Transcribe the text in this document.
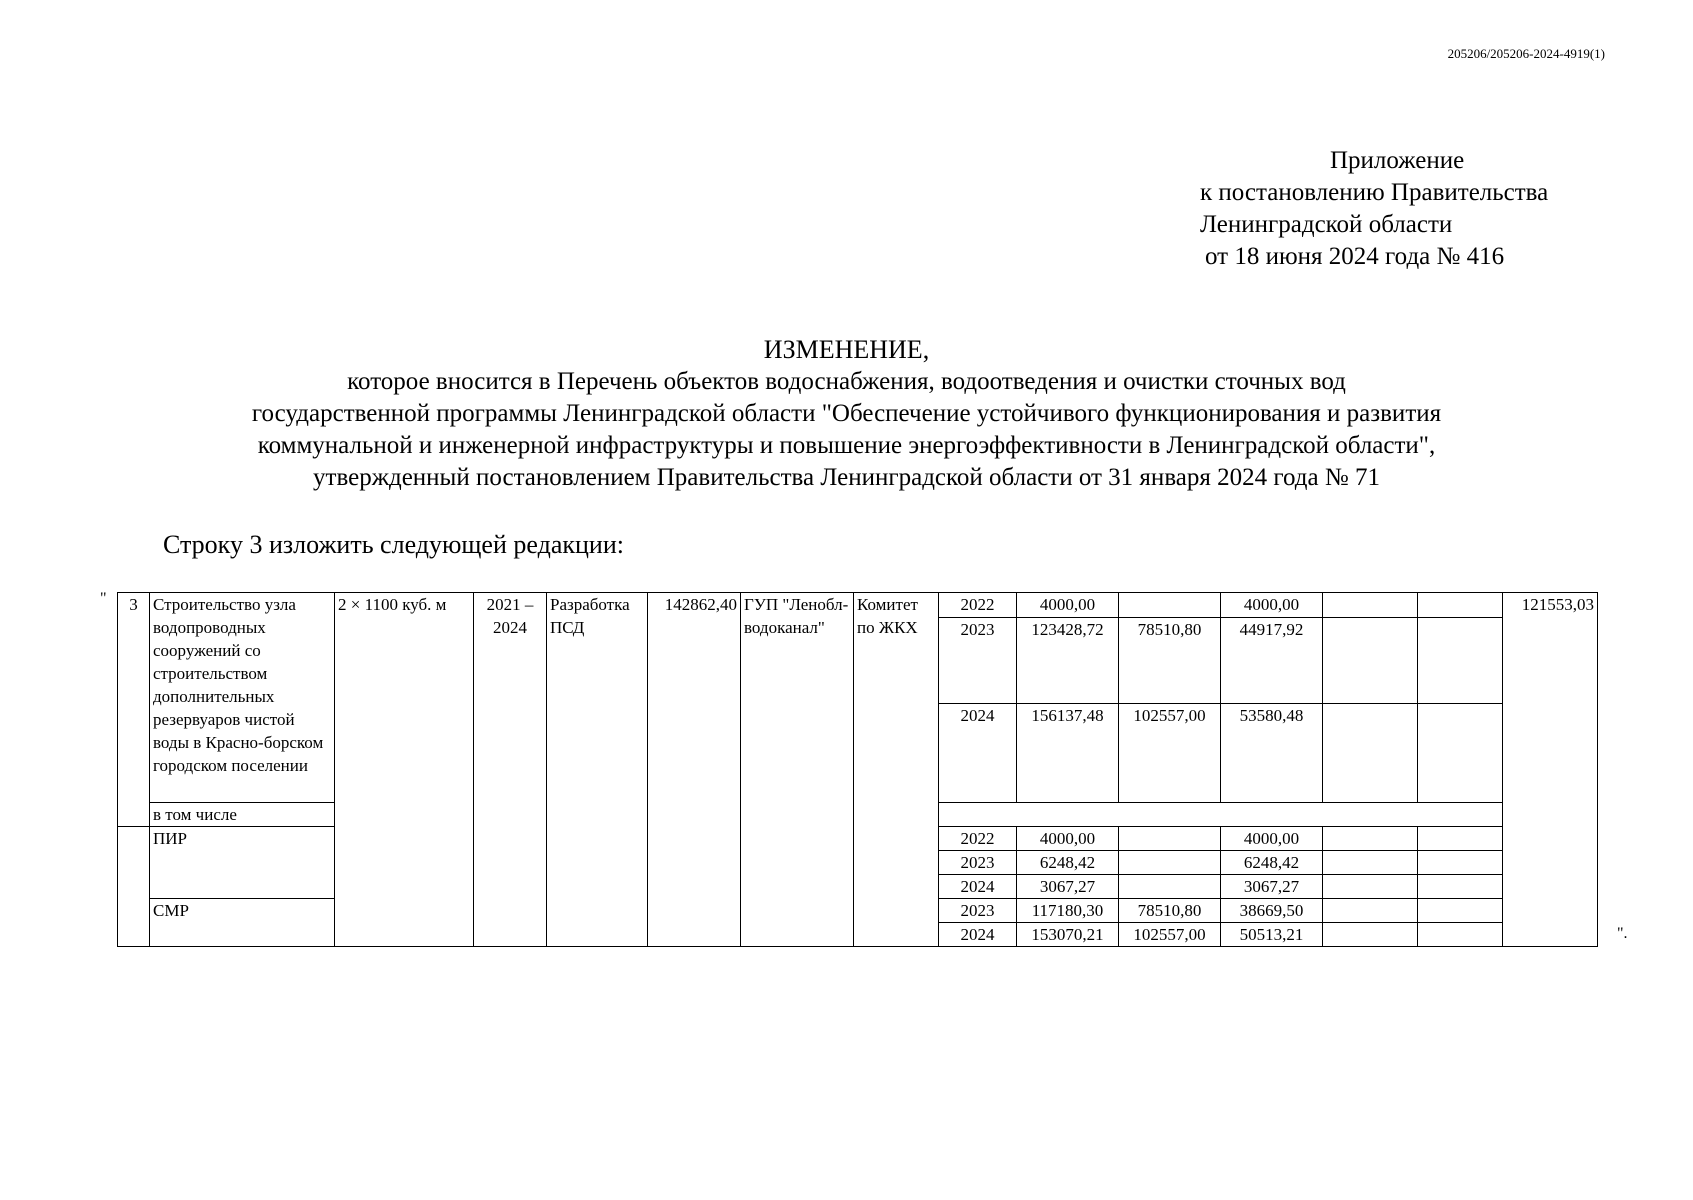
205206/205206-2024-4919(1)
Приложение
к постановлению Правительства
Ленинградской области
от 18 июня 2024 года № 416
ИЗМЕНЕНИЕ,
которое вносится в Перечень объектов водоснабжения, водоотведения и очистки сточных вод
государственной программы Ленинградской области "Обеспечение устойчивого функционирования и развития
коммунальной и инженерной инфраструктуры и повышение энергоэффективности в Ленинградской области",
утвержденный постановлением Правительства Ленинградской области от 31 января 2024 года № 71
Строку 3 изложить следующей редакции:
"
".
3	Строительство узла водопроводных сооружений со строительством дополнительных резервуаров чистой воды в Красно-борском городском поселении	2 × 1100 куб. м	2021 – 2024	Разработка ПСД	142862,40	ГУП "Ленобл-водоканал"	Комитет по ЖКХ	2022	4000,00		4000,00			121553,03
								2023	123428,72	78510,80	44917,92			
								2024	156137,48	102557,00	53580,48			
	в том числе													
	ПИР							2022	4000,00		4000,00			
								2023	6248,42		6248,42			
								2024	3067,27		3067,27			
	СМР							2023	117180,30	78510,80	38669,50			
								2024	153070,21	102557,00	50513,21			
